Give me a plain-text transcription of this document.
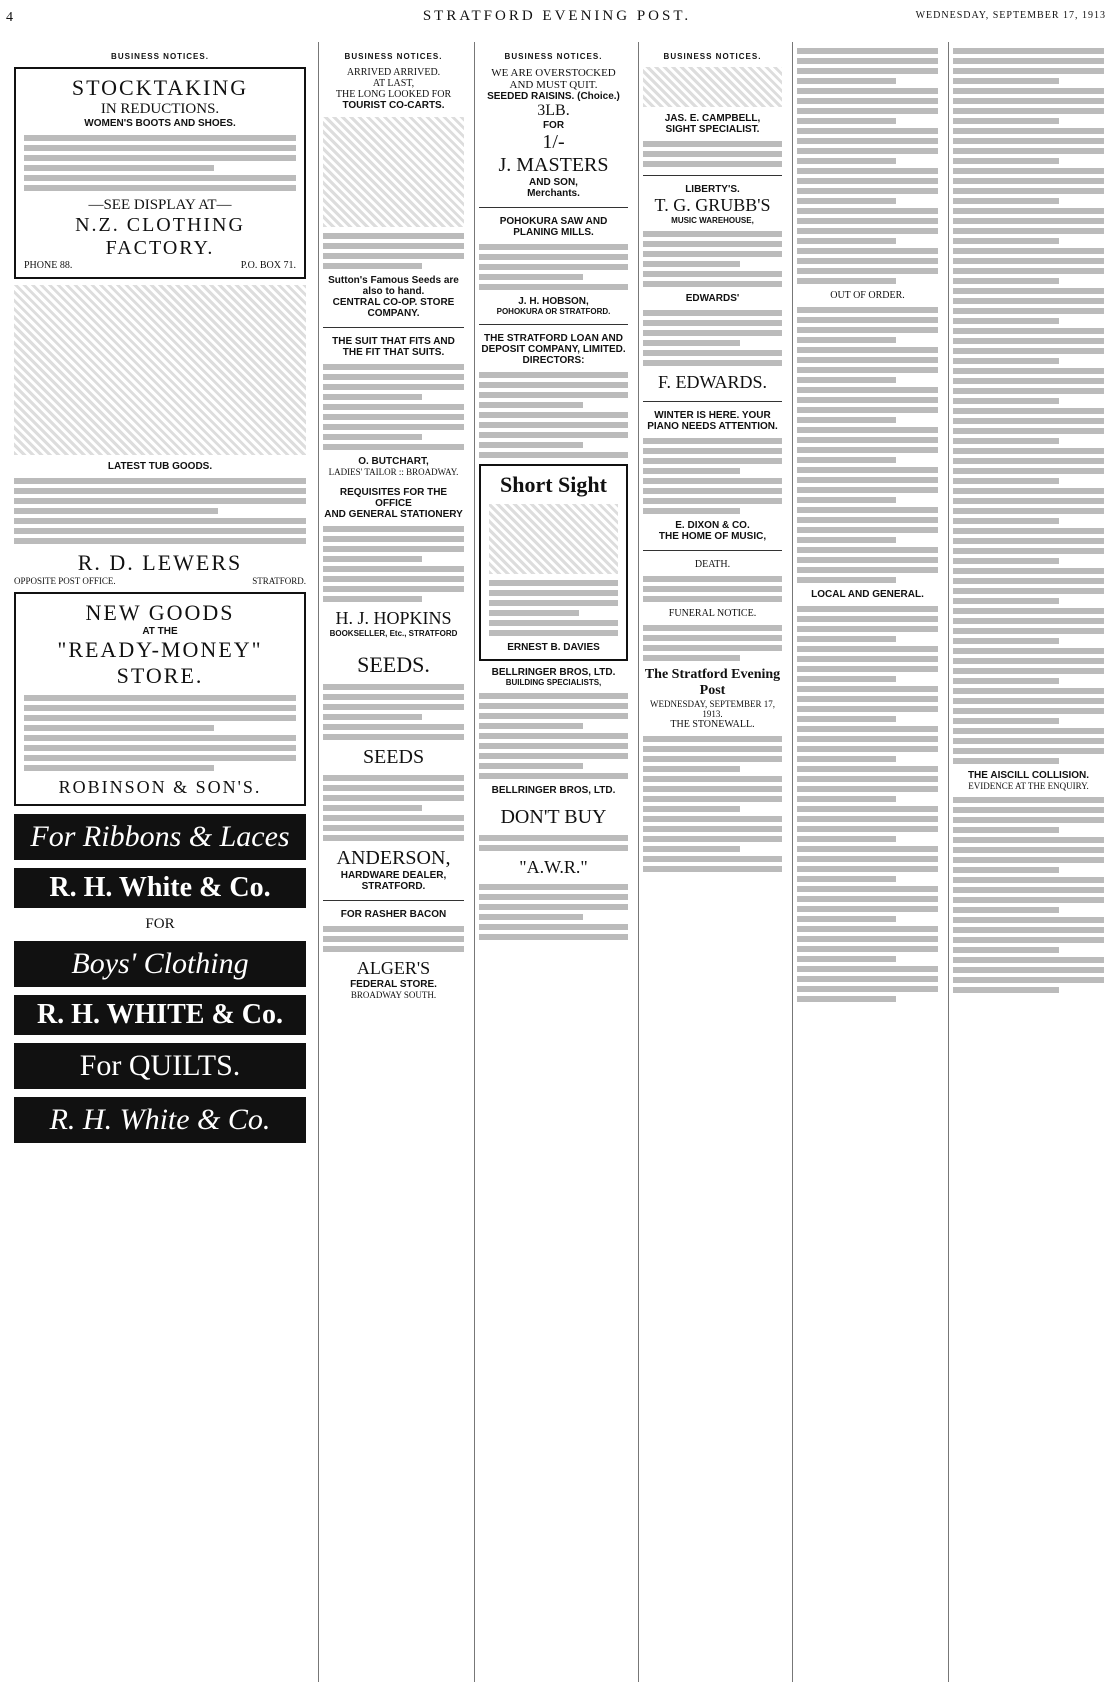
4	STRATFORD EVENING POST.	WEDNESDAY, SEPTEMBER 17, 1913
BUSINESS NOTICES.
STOCKTAKING
IN REDUCTIONS.
WOMEN'S BOOTS AND SHOES.
—SEE DISPLAY AT—
N.Z. CLOTHING FACTORY.
PHONE 88.	P.O. BOX 71.
LATEST TUB GOODS.
R. D. LEWERS
OPPOSITE POST OFFICE.	STRATFORD.
NEW GOODS
AT THE
"READY-MONEY" STORE.
ROBINSON & SON'S.
For Ribbons & Laces
R. H. White & Co.
FOR
Boys' Clothing
R. H. WHITE & Co.
For QUILTS.
R. H. White & Co.
BUSINESS NOTICES.
ARRIVED ARRIVED.
AT LAST,
THE LONG LOOKED FOR
TOURIST CO-CARTS.
Sutton's Famous Seeds are also to hand.
CENTRAL CO-OP. STORE COMPANY.
THE SUIT THAT FITS AND THE FIT THAT SUITS.
O. BUTCHART,
LADIES' TAILOR :: BROADWAY.
REQUISITES FOR THE OFFICE
AND GENERAL STATIONERY
H. J. HOPKINS
BOOKSELLER, Etc., STRATFORD
SEEDS.
SEEDS
ANDERSON,
HARDWARE DEALER,
STRATFORD.
FOR RASHER BACON
ALGER'S
FEDERAL STORE.
BROADWAY SOUTH.
BUSINESS NOTICES.
WE ARE OVERSTOCKED
AND MUST QUIT.
SEEDED RAISINS. (Choice.)
3LB.
FOR
1/-
J. MASTERS
AND SON,
Merchants.
POHOKURA SAW AND PLANING MILLS.
J. H. HOBSON,
POHOKURA OR STRATFORD.
THE STRATFORD LOAN AND DEPOSIT COMPANY, LIMITED.
DIRECTORS:
Short Sight
ERNEST B. DAVIES
BELLRINGER BROS, LTD.
BUILDING SPECIALISTS,
BELLRINGER BROS, LTD.
DON'T BUY
"A.W.R."
BUSINESS NOTICES.
JAS. E. CAMPBELL,
SIGHT SPECIALIST.
LIBERTY'S.
T. G. GRUBB'S
MUSIC WAREHOUSE,
EDWARDS'
F. EDWARDS.
WINTER IS HERE. YOUR PIANO NEEDS ATTENTION.
E. DIXON & CO.
THE HOME OF MUSIC,
DEATH.
FUNERAL NOTICE.
The Stratford Evening Post
WEDNESDAY, SEPTEMBER 17, 1913.
THE STONEWALL.
OUT OF ORDER.
LOCAL AND GENERAL.
THE AISCILL COLLISION.
EVIDENCE AT THE ENQUIRY.
